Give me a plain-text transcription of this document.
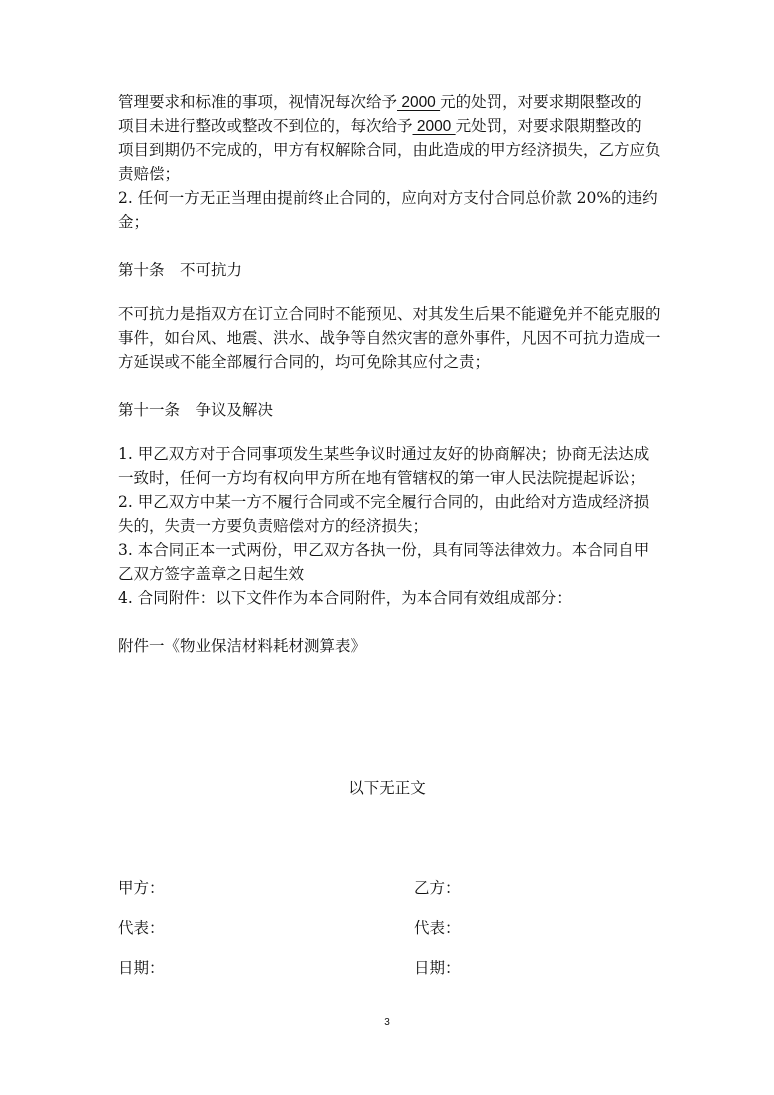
管理要求和标准的事项，视情况每次给予 2000 元的处罚，对要求期限整改的
项目未进行整改或整改不到位的，每次给予 2000 元处罚，对要求限期整改的
项目到期仍不完成的，甲方有权解除合同，由此造成的甲方经济损失，乙方应负
责赔偿；
2. 任何一方无正当理由提前终止合同的，应向对方支付合同总价款 20%的违约
金；
第十条　不可抗力
不可抗力是指双方在订立合同时不能预见、对其发生后果不能避免并不能克服的
事件，如台风、地震、洪水、战争等自然灾害的意外事件，凡因不可抗力造成一
方延误或不能全部履行合同的，均可免除其应付之责；
第十一条　争议及解决
1. 甲乙双方对于合同事项发生某些争议时通过友好的协商解决；协商无法达成
一致时，任何一方均有权向甲方所在地有管辖权的第一审人民法院提起诉讼；
2. 甲乙双方中某一方不履行合同或不完全履行合同的，由此给对方造成经济损
失的，失责一方要负责赔偿对方的经济损失；
3. 本合同正本一式两份，甲乙双方各执一份，具有同等法律效力。本合同自甲
乙双方签字盖章之日起生效
4. 合同附件：以下文件作为本合同附件，为本合同有效组成部分：
附件一《物业保洁材料耗材测算表》
以下无正文
甲方：	乙方：
代表：	代表：
日期：	日期：
3
